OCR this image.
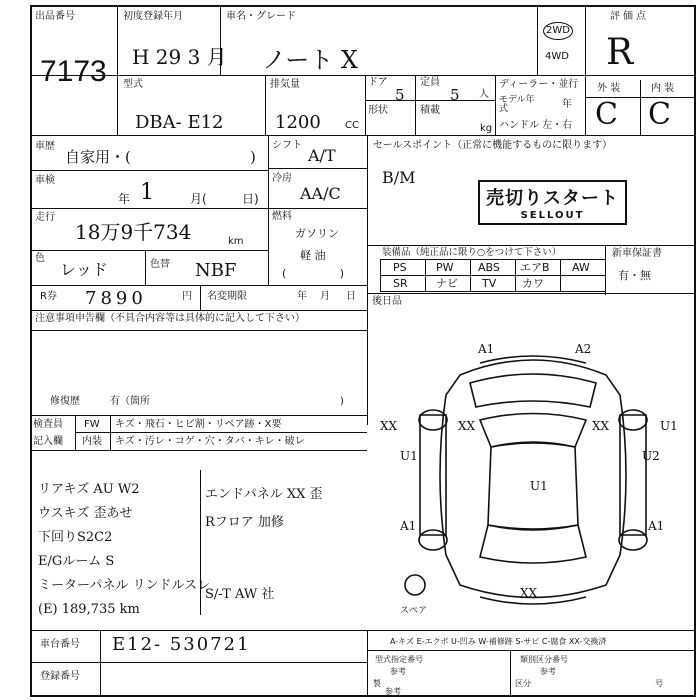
出品番号
7173
初度登録年月
H 29 3 月
車名・グレード
ノート X
2WD
4WD
評価点
R
型式
DBA- E12
排気量
1200 CC
ドア
5
定員
5 人
形状	積載
kg
ディーラー・並行
モデル年式	年
ハンドル 左・右
外 装	内 装
C C
車歴
自家用・(	)
車検	1
年	月(	日)
シフト
A/T
冷房
AA/C
走行
18万9千734	km
燃料
ガソリン
軽 油
( )
色
レッド	色替 NBF
R券 7890	円 名変期限	年 月 日
注意事項申告欄（不具合内容等は具体的に記入して下さい）
修復歴	有（箇所	)
セールスポイント（正常に機能するものに限ります）
B/M
売切りスタート
SELLOUT
装備品（純正品に限り○をつけて下さい）
PS	PW ABS エアB AW
SR	ナビ TV カワ
新車保証書
有・無
後日品
検査員
記入欄
FW キズ・飛石・ヒビ割・リペア跡・X要
内装 キズ・汚レ・コゲ・穴・タバ・キレ・破レ
リアキズ AU W2
ウスキズ 歪あせ
下回りS2C2
E/Gルーム S
ミーターパネル リンドルスレ
(E) 189,735 km
エンドパネル XX 歪
Rフロア 加修
S/-T AW 社
A1	A2
U1	U2
U1
A1	A1
XX	XX
XX	U1
XX
スペア
車台番号 E12- 530721
登録番号
A-キズ E-エクボ U-凹み W-補修跡 S-サビ C-腐食 XX-交換済
型式指定番号
参考
類別区分番号
参考
製
参考
区分	号
